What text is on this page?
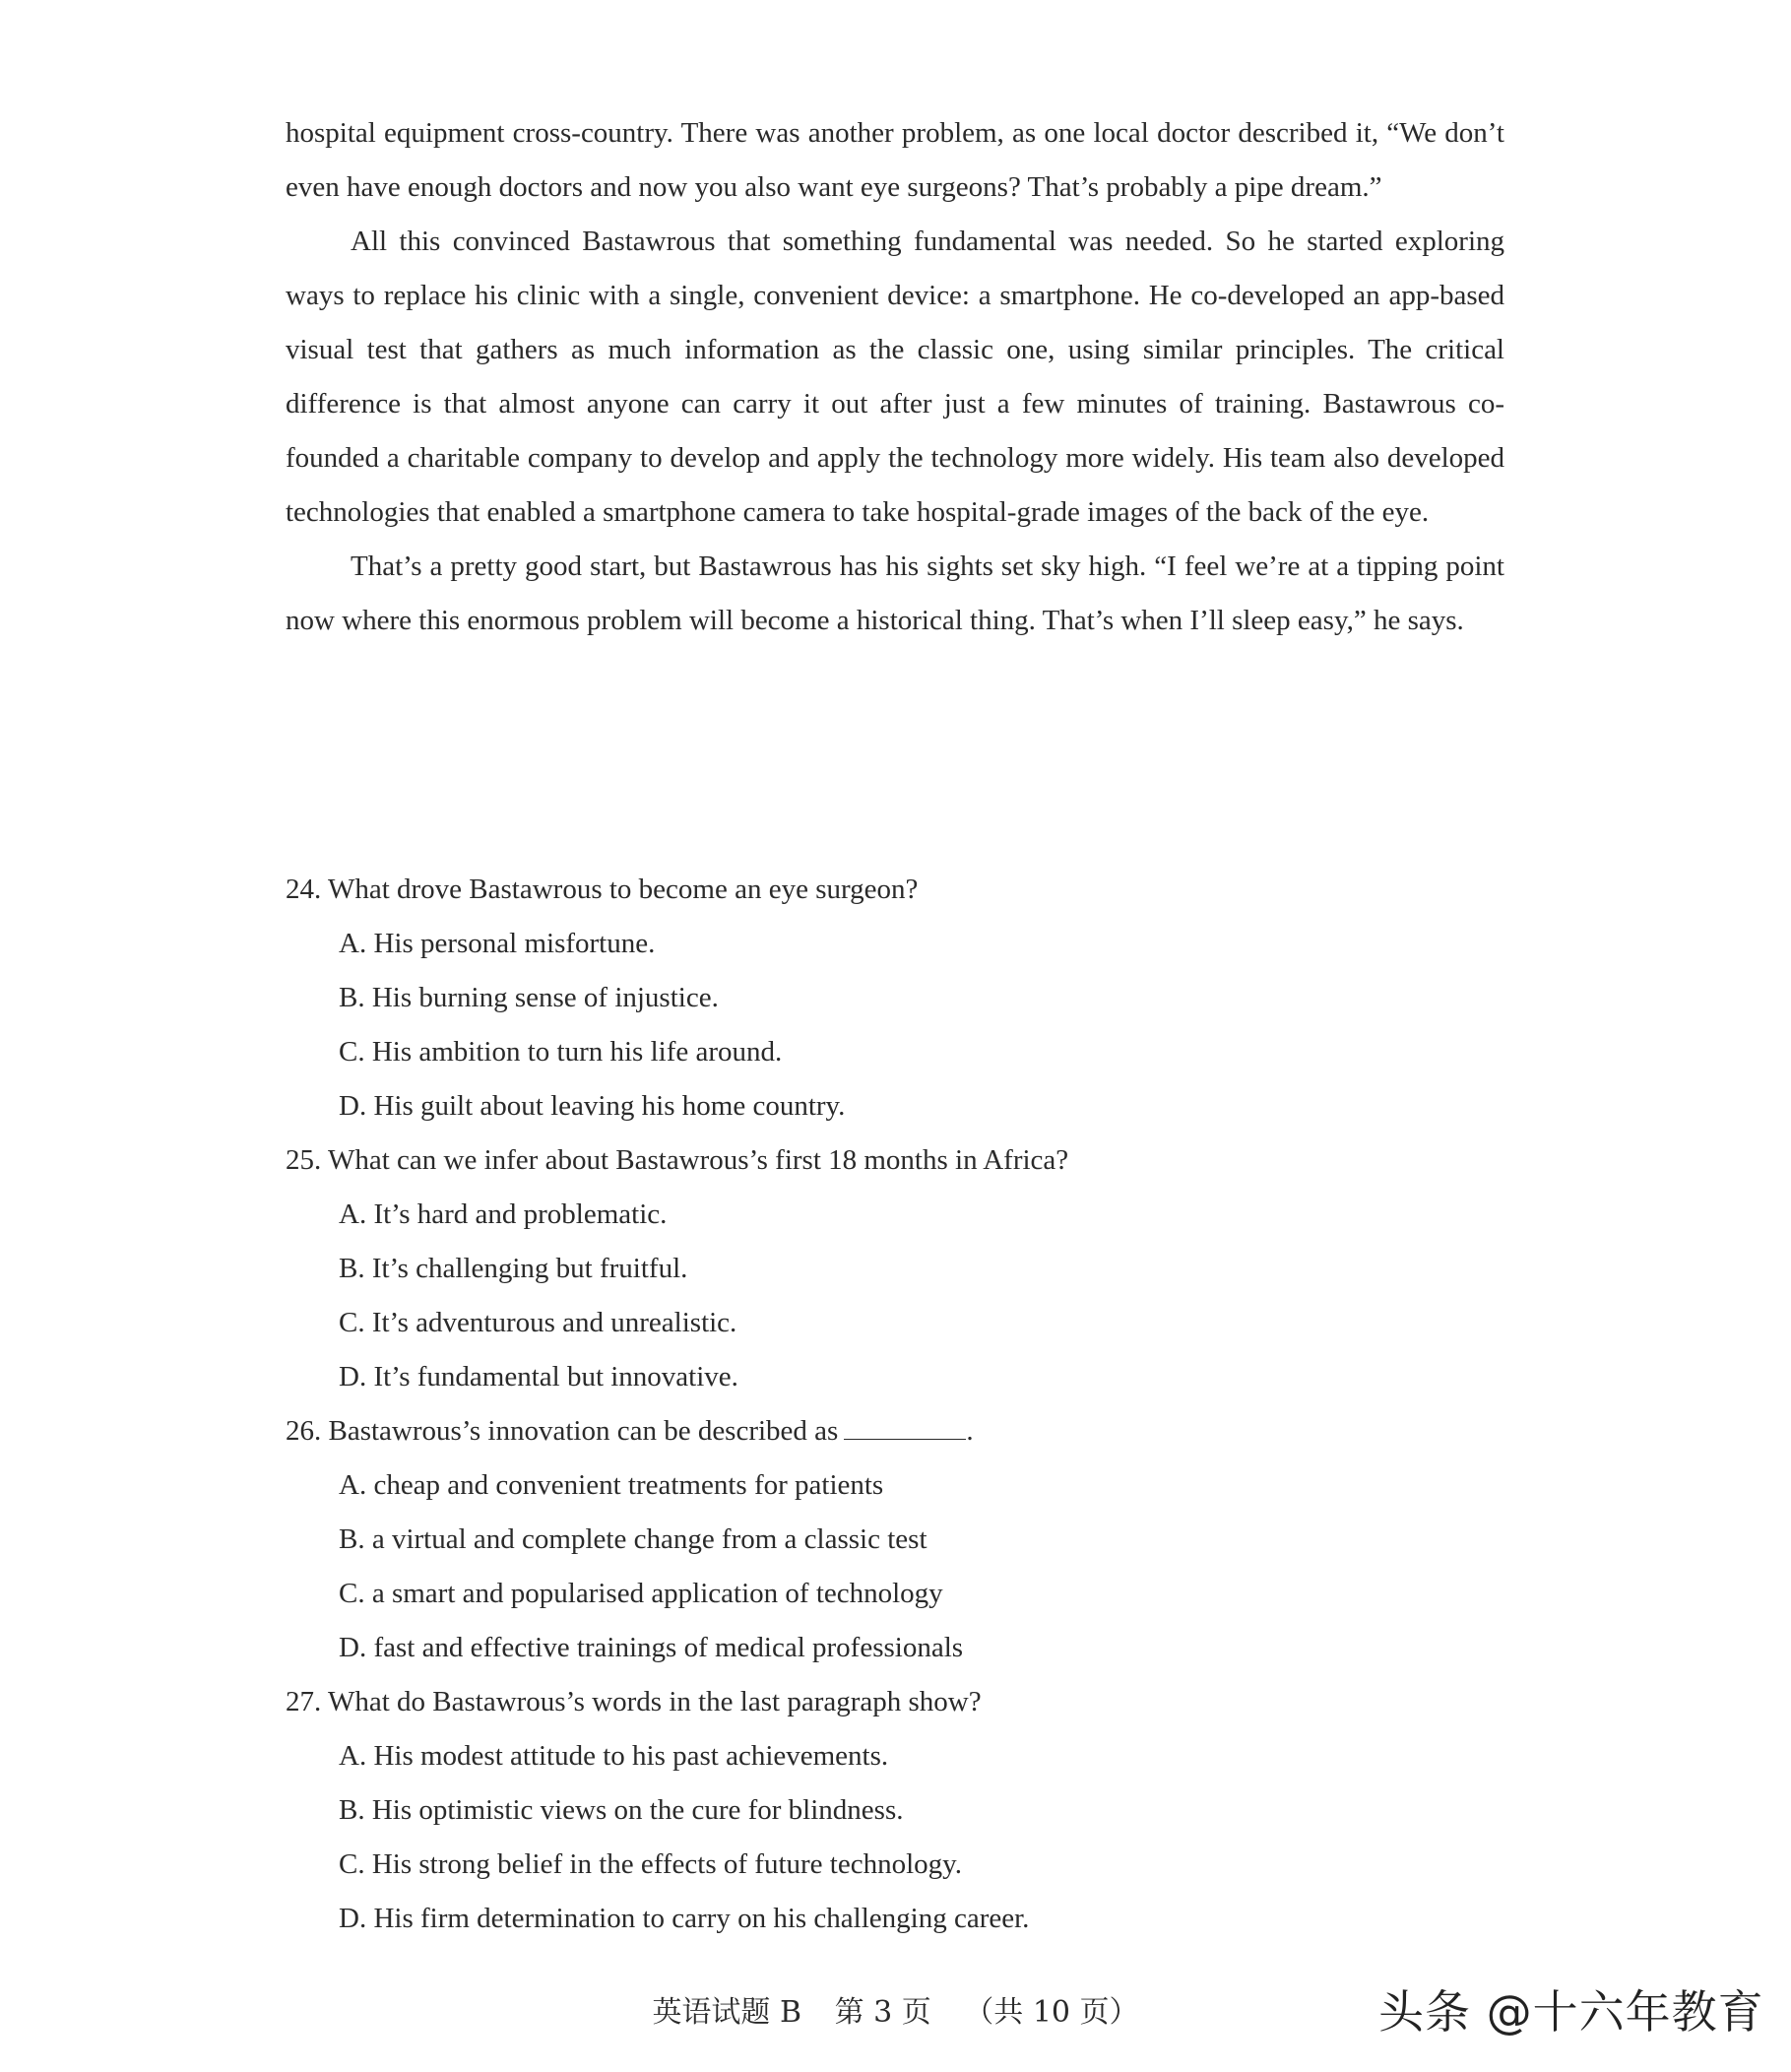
hospital equipment cross-country. There was another problem, as one local doctor described it, “We don’t even have enough doctors and now you also want eye surgeons? That’s probably a pipe dream.”

All this convinced Bastawrous that something fundamental was needed. So he started exploring ways to replace his clinic with a single, convenient device: a smartphone. He co-developed an app-based visual test that gathers as much information as the classic one, using similar principles. The critical difference is that almost anyone can carry it out after just a few minutes of training. Bastawrous co-founded a charitable company to develop and apply the technology more widely. His team also developed technologies that enabled a smartphone camera to take hospital-grade images of the back of the eye.

That’s a pretty good start, but Bastawrous has his sights set sky high. “I feel we’re at a tipping point now where this enormous problem will become a historical thing. That’s when I’ll sleep easy,” he says.

24. What drove Bastawrous to become an eye surgeon?

A. His personal misfortune.

B. His burning sense of injustice.

C. His ambition to turn his life around.

D. His guilt about leaving his home country.

25. What can we infer about Bastawrous’s first 18 months in Africa?

A. It’s hard and problematic.

B. It’s challenging but fruitful.

C. It’s adventurous and unrealistic.

D. It’s fundamental but innovative.

26. Bastawrous’s innovation can be described as	.

A. cheap and convenient treatments for patients

B. a virtual and complete change from a classic test

C. a smart and popularised application of technology

D. fast and effective trainings of medical professionals

27. What do Bastawrous’s words in the last paragraph show?

A. His modest attitude to his past achievements.

B. His optimistic views on the cure for blindness.

C. His strong belief in the effects of future technology.

D. His firm determination to carry on his challenging career.

英语试题 B 第 3 页 （共 10 页）	头条 @十六年教育
